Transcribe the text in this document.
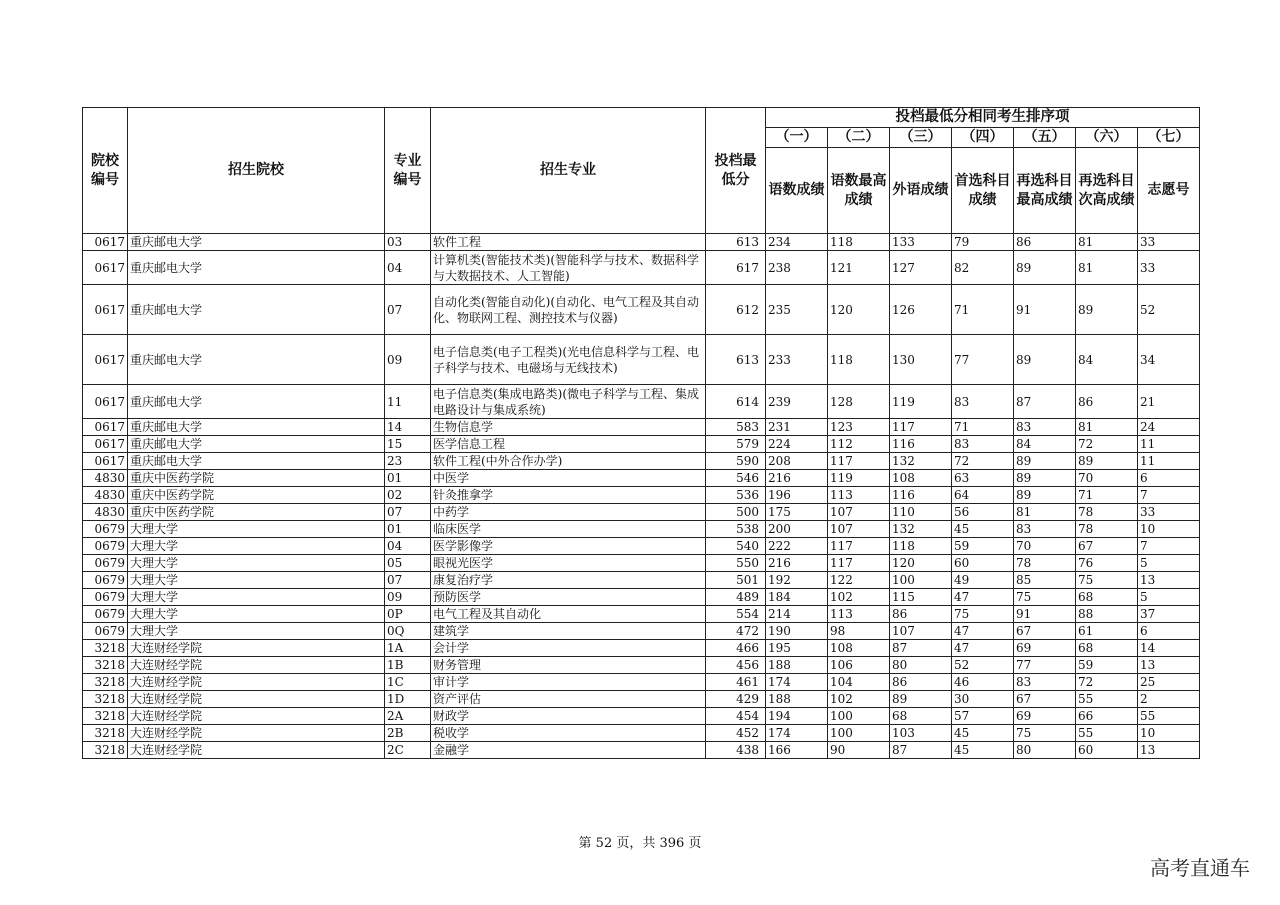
院校编号	招生院校	专业编号	招生专业	投档最低分	投档最低分相同考生排序项						
					（一）	（二）	（三）	（四）	（五）	（六）	（七）
					语数成绩	语数最高成绩	外语成绩	首选科目成绩	再选科目最高成绩	再选科目次高成绩	志愿号
0617	重庆邮电大学	03	软件工程	613	234	118	133	79	86	81	33
0617	重庆邮电大学	04	计算机类(智能技术类)(智能科学与技术、数据科学与大数据技术、人工智能)	617	238	121	127	82	89	81	33
0617	重庆邮电大学	07	自动化类(智能自动化)(自动化、电气工程及其自动化、物联网工程、测控技术与仪器)	612	235	120	126	71	91	89	52
0617	重庆邮电大学	09	电子信息类(电子工程类)(光电信息科学与工程、电子科学与技术、电磁场与无线技术)	613	233	118	130	77	89	84	34
0617	重庆邮电大学	11	电子信息类(集成电路类)(微电子科学与工程、集成电路设计与集成系统)	614	239	128	119	83	87	86	21
0617	重庆邮电大学	14	生物信息学	583	231	123	117	71	83	81	24
0617	重庆邮电大学	15	医学信息工程	579	224	112	116	83	84	72	11
0617	重庆邮电大学	23	软件工程(中外合作办学)	590	208	117	132	72	89	89	11
4830	重庆中医药学院	01	中医学	546	216	119	108	63	89	70	6
4830	重庆中医药学院	02	针灸推拿学	536	196	113	116	64	89	71	7
4830	重庆中医药学院	07	中药学	500	175	107	110	56	81	78	33
0679	大理大学	01	临床医学	538	200	107	132	45	83	78	10
0679	大理大学	04	医学影像学	540	222	117	118	59	70	67	7
0679	大理大学	05	眼视光医学	550	216	117	120	60	78	76	5
0679	大理大学	07	康复治疗学	501	192	122	100	49	85	75	13
0679	大理大学	09	预防医学	489	184	102	115	47	75	68	5
0679	大理大学	0P	电气工程及其自动化	554	214	113	86	75	91	88	37
0679	大理大学	0Q	建筑学	472	190	98	107	47	67	61	6
3218	大连财经学院	1A	会计学	466	195	108	87	47	69	68	14
3218	大连财经学院	1B	财务管理	456	188	106	80	52	77	59	13
3218	大连财经学院	1C	审计学	461	174	104	86	46	83	72	25
3218	大连财经学院	1D	资产评估	429	188	102	89	30	67	55	2
3218	大连财经学院	2A	财政学	454	194	100	68	57	69	66	55
3218	大连财经学院	2B	税收学	452	174	100	103	45	75	55	10
3218	大连财经学院	2C	金融学	438	166	90	87	45	80	60	13
第 52 页，共 396 页
高考直通车
